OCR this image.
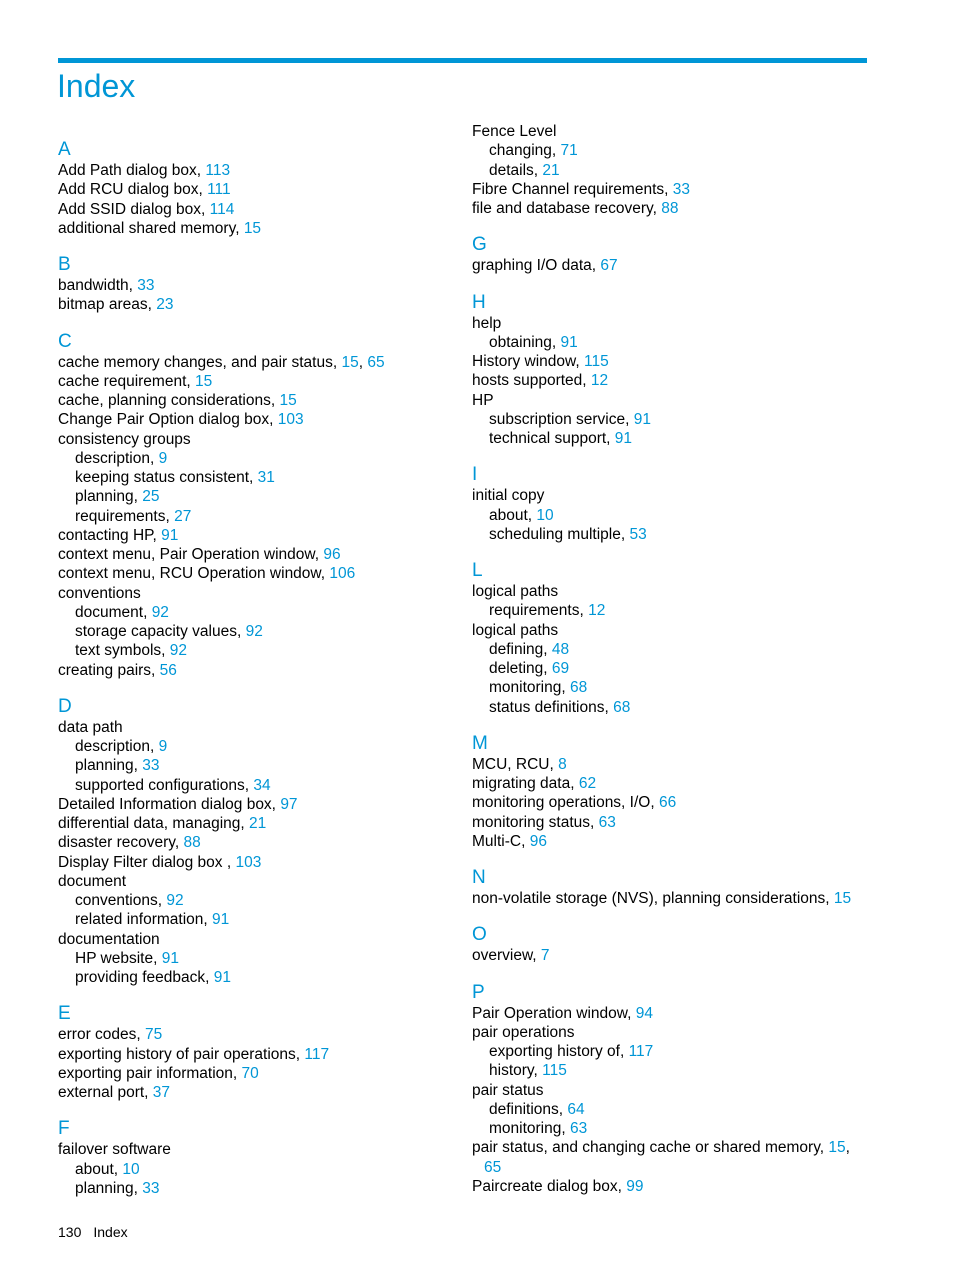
Index
A
Add Path dialog box, 113
Add RCU dialog box, 111
Add SSID dialog box, 114
additional shared memory, 15
B
bandwidth, 33
bitmap areas, 23
C
cache memory changes, and pair status, 15, 65
cache requirement, 15
cache, planning considerations, 15
Change Pair Option dialog box, 103
consistency groups
description, 9
keeping status consistent, 31
planning, 25
requirements, 27
contacting HP, 91
context menu, Pair Operation window, 96
context menu, RCU Operation window, 106
conventions
document, 92
storage capacity values, 92
text symbols, 92
creating pairs, 56
D
data path
description, 9
planning, 33
supported configurations, 34
Detailed Information dialog box, 97
differential data, managing, 21
disaster recovery, 88
Display Filter dialog box , 103
document
conventions, 92
related information, 91
documentation
HP website, 91
providing feedback, 91
E
error codes, 75
exporting history of pair operations, 117
exporting pair information, 70
external port, 37
F
failover software
about, 10
planning, 33
Fence Level
changing, 71
details, 21
Fibre Channel requirements, 33
file and database recovery, 88
G
graphing I/O data, 67
H
help
obtaining, 91
History window, 115
hosts supported, 12
HP
subscription service, 91
technical support, 91
I
initial copy
about, 10
scheduling multiple, 53
L
logical paths
requirements, 12
logical paths
defining, 48
deleting, 69
monitoring, 68
status definitions, 68
M
MCU, RCU, 8
migrating data, 62
monitoring operations, I/O, 66
monitoring status, 63
Multi-C, 96
N
non-volatile storage (NVS), planning considerations, 15
O
overview, 7
P
Pair Operation window, 94
pair operations
exporting history of, 117
history, 115
pair status
definitions, 64
monitoring, 63
pair status, and changing cache or shared memory, 15,
65
Paircreate dialog box, 99
130 Index
